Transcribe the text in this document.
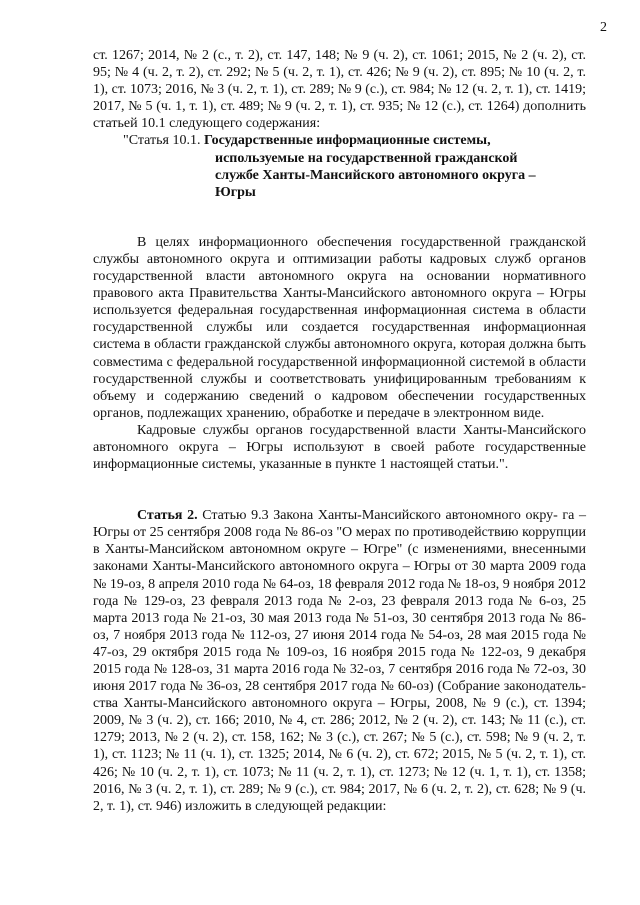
2

ст. 1267; 2014, № 2 (с., т. 2), ст. 147, 148; № 9 (ч. 2), ст. 1061; 2015, № 2 (ч. 2), ст. 95; № 4 (ч. 2, т. 2), ст. 292; № 5 (ч. 2, т. 1), ст. 426; № 9 (ч. 2), ст. 895; № 10 (ч. 2, т. 1), ст. 1073; 2016, № 3 (ч. 2, т. 1), ст. 289; № 9 (с.), ст. 984; № 12 (ч. 2, т. 1), ст. 1419; 2017, № 5 (ч. 1, т. 1), ст. 489; № 9 (ч. 2, т. 1), ст. 935; № 12 (с.), ст. 1264) дополнить статьей 10.1 следующего содержания:

"Статья 10.1. Государственные информационные системы,

используемые на государственной гражданской

службе Ханты-Мансийского автономного округа –

Югры

В целях информационного обеспечения государственной гражданской службы автономного округа и оптимизации работы кадровых служб органов государственной власти автономного округа на основании нормативного правового акта Правительства Ханты-Мансийского автономного округа – Югры используется федеральная государственная информационная система в области государственной службы или создается государственная информационная система в области гражданской службы автономного округа, которая должна быть совместима с федеральной государственной информационной системой в области государственной службы и соответствовать унифицированным требованиям к объему и содержанию сведений о кадровом обеспечении государственных органов, подлежащих хранению, обработке и передаче в электронном виде.

Кадровые службы органов государственной власти Ханты-Мансийского автономного округа – Югры используют в своей работе государственные информационные системы, указанные в пункте 1 настоящей статьи.".

Статья 2. Статью 9.3 Закона Ханты-Мансийского автономного окру- га – Югры от 25 сентября 2008 года № 86-оз "О мерах по противодействию коррупции в Ханты-Мансийском автономном округе – Югре" (с изменениями, внесенными законами Ханты-Мансийского автономного округа – Югры от 30 марта 2009 года № 19-оз, 8 апреля 2010 года № 64-оз, 18 февраля 2012 года № 18-оз, 9 ноября 2012 года № 129-оз, 23 февраля 2013 года № 2-оз, 23 февраля 2013 года № 6-оз, 25 марта 2013 года № 21-оз, 30 мая 2013 года № 51-оз, 30 сентября 2013 года № 86-оз, 7 ноября 2013 года № 112-оз, 27 июня 2014 года № 54-оз, 28 мая 2015 года № 47-оз, 29 октября 2015 года № 109-оз, 16 ноября 2015 года № 122-оз, 9 декабря 2015 года № 128-оз, 31 марта 2016 года № 32-оз, 7 сентября 2016 года № 72-оз, 30 июня 2017 года № 36-оз, 28 сентября 2017 года № 60-оз) (Собрание законодательства Ханты-Мансийского автономного округа – Югры, 2008, № 9 (с.), ст. 1394; 2009, № 3 (ч. 2), ст. 166; 2010, № 4, ст. 286; 2012, № 2 (ч. 2), ст. 143; № 11 (с.), ст. 1279; 2013, № 2 (ч. 2), ст. 158, 162; № 3 (с.), ст. 267; № 5 (с.), ст. 598; № 9 (ч. 2, т. 1), ст. 1123; № 11 (ч. 1), ст. 1325; 2014, № 6 (ч. 2), ст. 672; 2015, № 5 (ч. 2, т. 1), ст. 426; № 10 (ч. 2, т. 1), ст. 1073; № 11 (ч. 2, т. 1), ст. 1273; № 12 (ч. 1, т. 1), ст. 1358; 2016, № 3 (ч. 2, т. 1), ст. 289; № 9 (с.), ст. 984; 2017, № 6 (ч. 2, т. 2), ст. 628; № 9 (ч. 2, т. 1), ст. 946) изложить в следующей редакции:
